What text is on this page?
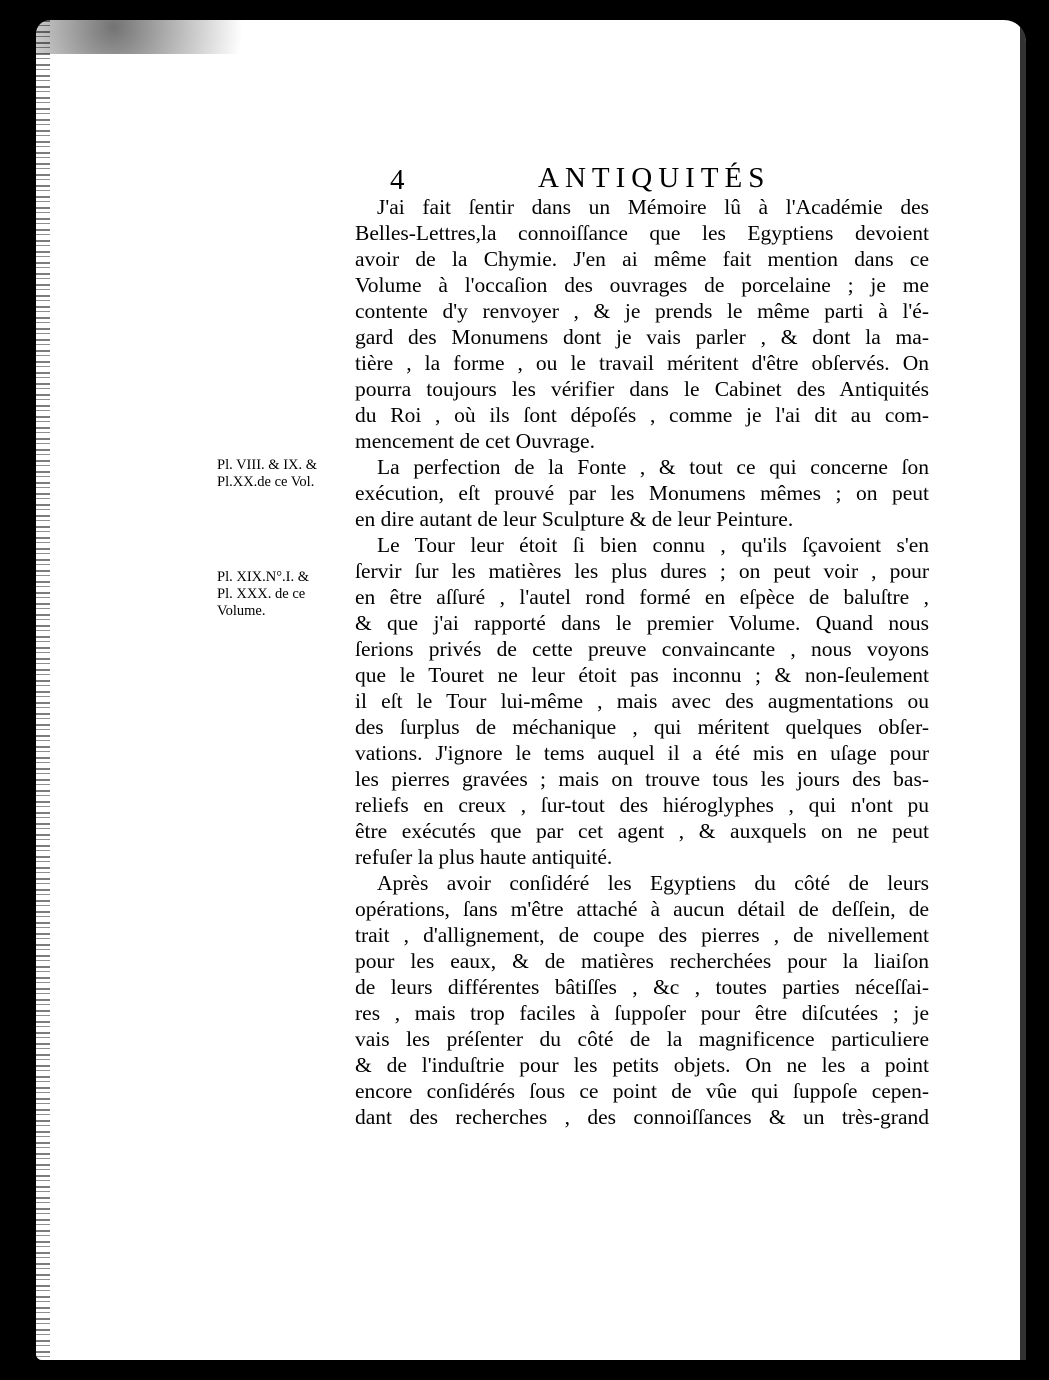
4	ANTIQUITÉS
Pl. VIII. & IX. &
Pl.XX.de ce Vol.
Pl. XIX.N°.I. &
Pl. XXX. de ce
Volume.
J'ai fait ſentir dans un Mémoire lû à l'Académie des
Belles-Lettres,la connoiſſance que les Egyptiens devoient
avoir de la Chymie. J'en ai même fait mention dans ce
Volume à l'occaſion des ouvrages de porcelaine ; je me
contente d'y renvoyer , & je prends le même parti à l'é-
gard des Monumens dont je vais parler , & dont la ma-
tière , la forme , ou le travail méritent d'être obſervés. On
pourra toujours les vérifier dans le Cabinet des Antiquités
du Roi , où ils ſont dépoſés , comme je l'ai dit au com-
mencement de cet Ouvrage.
La perfection de la Fonte , & tout ce qui concerne ſon
exécution, eſt prouvé par les Monumens mêmes ; on peut
en dire autant de leur Sculpture & de leur Peinture.
Le Tour leur étoit ſi bien connu , qu'ils ſçavoient s'en
ſervir ſur les matières les plus dures ; on peut voir , pour
en être aſſuré , l'autel rond formé en eſpèce de baluſtre ,
& que j'ai rapporté dans le premier Volume. Quand nous
ſerions privés de cette preuve convaincante , nous voyons
que le Touret ne leur étoit pas inconnu ; & non-ſeulement
il eſt le Tour lui-même , mais avec des augmentations ou
des ſurplus de méchanique , qui méritent quelques obſer-
vations. J'ignore le tems auquel il a été mis en uſage pour
les pierres gravées ; mais on trouve tous les jours des bas-
reliefs en creux , ſur-tout des hiéroglyphes , qui n'ont pu
être exécutés que par cet agent , & auxquels on ne peut
refuſer la plus haute antiquité.
Après avoir conſidéré les Egyptiens du côté de leurs
opérations, ſans m'être attaché à aucun détail de deſſein, de
trait , d'allignement, de coupe des pierres , de nivellement
pour les eaux, & de matières recherchées pour la liaiſon
de leurs différentes bâtiſſes , &c , toutes parties néceſſai-
res , mais trop faciles à ſuppoſer pour être diſcutées ; je
vais les préſenter du côté de la magnificence particuliere
& de l'induſtrie pour les petits objets. On ne les a point
encore conſidérés ſous ce point de vûe qui ſuppoſe cepen-
dant des recherches , des connoiſſances & un très-grand
